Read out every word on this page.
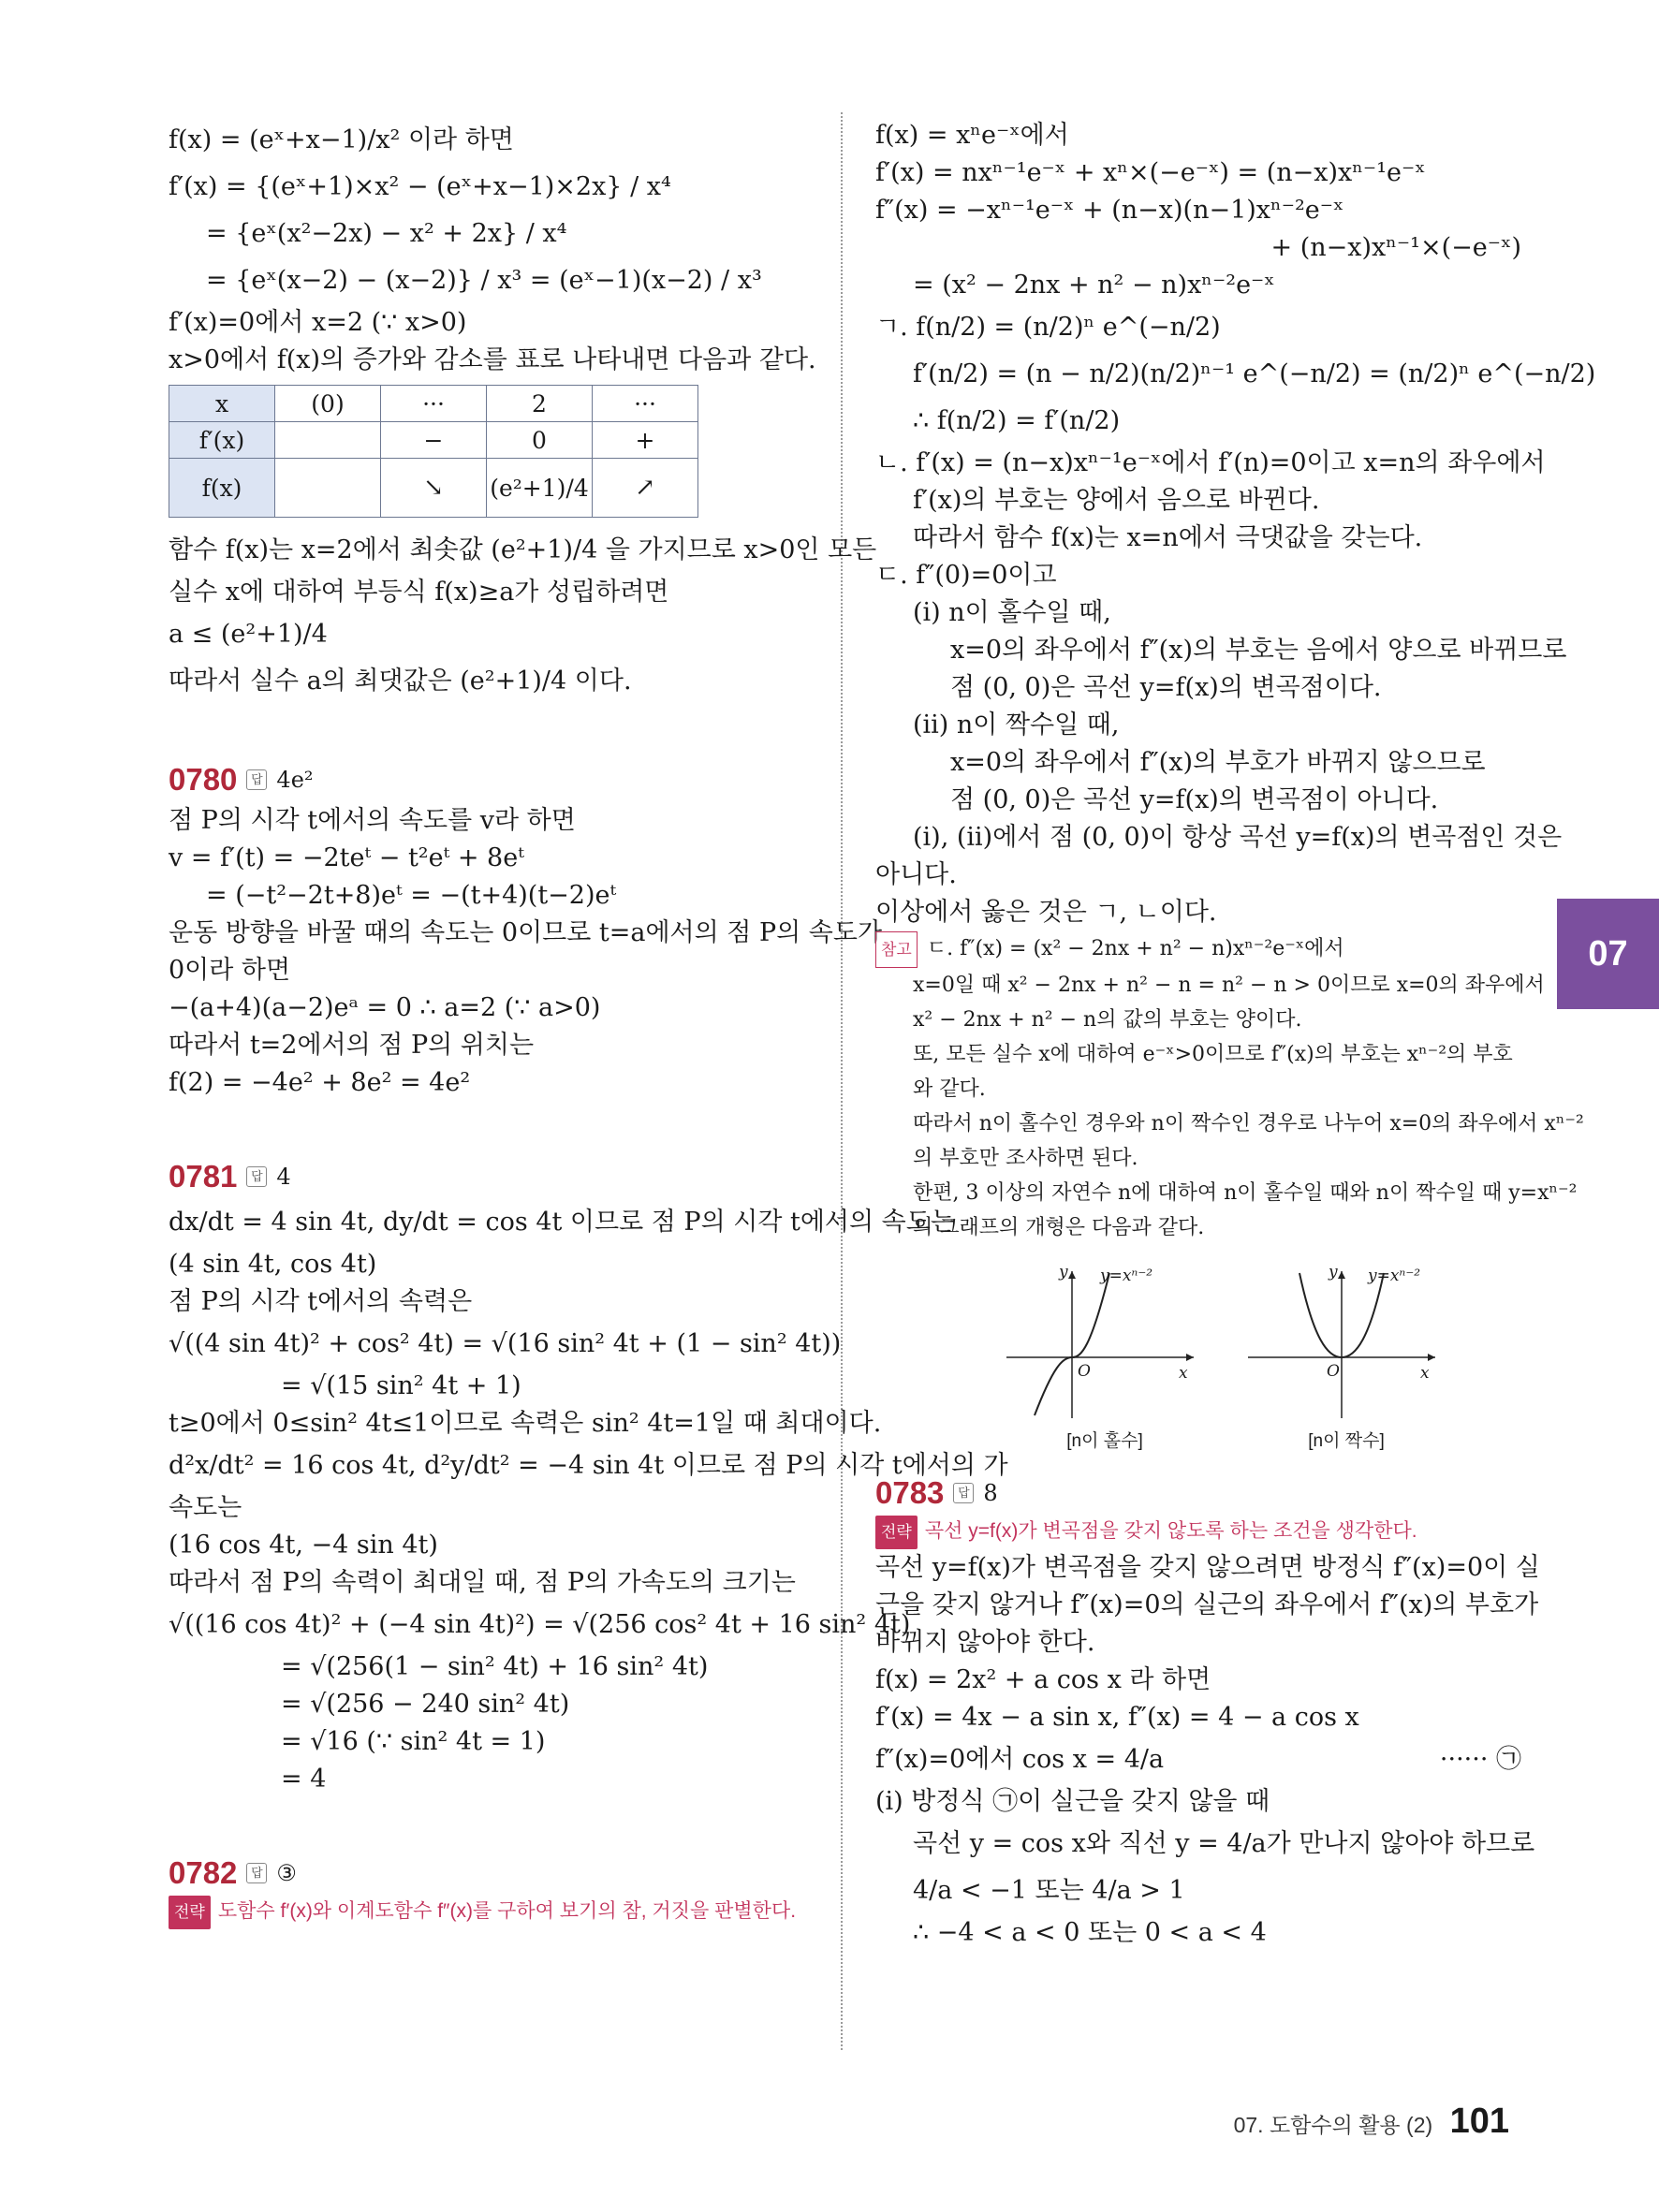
f(x) = (eˣ+x−1)/x² 이라 하면
f′(x) = {(eˣ+1)×x² − (eˣ+x−1)×2x} / x⁴
= {eˣ(x²−2x) − x² + 2x} / x⁴
= {eˣ(x−2) − (x−2)} / x³ = (eˣ−1)(x−2) / x³
f′(x)=0에서 x=2 (∵ x>0)
x>0에서 f(x)의 증가와 감소를 표로 나타내면 다음과 같다.
x	(0)	···	2	···
f′(x)		−	0	+
f(x)		↘	(e²+1)/4	↗
함수 f(x)는 x=2에서 최솟값 (e²+1)/4 을 가지므로 x>0인 모든
실수 x에 대하여 부등식 f(x)≥a가 성립하려면
a ≤ (e²+1)/4
따라서 실수 a의 최댓값은 (e²+1)/4 이다.
0780	답 4e²
점 P의 시각 t에서의 속도를 v라 하면
v = f′(t) = −2teᵗ − t²eᵗ + 8eᵗ
= (−t²−2t+8)eᵗ = −(t+4)(t−2)eᵗ
운동 방향을 바꿀 때의 속도는 0이므로 t=a에서의 점 P의 속도가
0이라 하면
−(a+4)(a−2)eᵃ = 0 ∴ a=2 (∵ a>0)
따라서 t=2에서의 점 P의 위치는
f(2) = −4e² + 8e² = 4e²
0781	답 4
dx/dt = 4 sin 4t, dy/dt = cos 4t 이므로 점 P의 시각 t에서의 속도는
(4 sin 4t, cos 4t)
점 P의 시각 t에서의 속력은
√((4 sin 4t)² + cos² 4t) = √(16 sin² 4t + (1 − sin² 4t))
= √(15 sin² 4t + 1)
t≥0에서 0≤sin² 4t≤1이므로 속력은 sin² 4t=1일 때 최대이다.
d²x/dt² = 16 cos 4t, d²y/dt² = −4 sin 4t 이므로 점 P의 시각 t에서의 가
속도는
(16 cos 4t, −4 sin 4t)
따라서 점 P의 속력이 최대일 때, 점 P의 가속도의 크기는
√((16 cos 4t)² + (−4 sin 4t)²) = √(256 cos² 4t + 16 sin² 4t)
= √(256(1 − sin² 4t) + 16 sin² 4t)
= √(256 − 240 sin² 4t)
= √16 (∵ sin² 4t = 1)
= 4
0782	답 ③
전략 도함수 f′(x)와 이계도함수 f″(x)를 구하여 보기의 참, 거짓을 판별한다.
f(x) = xⁿe⁻ˣ에서
f′(x) = nxⁿ⁻¹e⁻ˣ + xⁿ×(−e⁻ˣ) = (n−x)xⁿ⁻¹e⁻ˣ
f″(x) = −xⁿ⁻¹e⁻ˣ + (n−x)(n−1)xⁿ⁻²e⁻ˣ
+ (n−x)xⁿ⁻¹×(−e⁻ˣ)
= (x² − 2nx + n² − n)xⁿ⁻²e⁻ˣ
ㄱ. f(n/2) = (n/2)ⁿ e^(−n/2)
f′(n/2) = (n − n/2)(n/2)ⁿ⁻¹ e^(−n/2) = (n/2)ⁿ e^(−n/2)
∴ f(n/2) = f′(n/2)
ㄴ. f′(x) = (n−x)xⁿ⁻¹e⁻ˣ에서 f′(n)=0이고 x=n의 좌우에서
f′(x)의 부호는 양에서 음으로 바뀐다.
따라서 함수 f(x)는 x=n에서 극댓값을 갖는다.
ㄷ. f″(0)=0이고
(ⅰ) n이 홀수일 때,
x=0의 좌우에서 f″(x)의 부호는 음에서 양으로 바뀌므로
점 (0, 0)은 곡선 y=f(x)의 변곡점이다.
(ⅱ) n이 짝수일 때,
x=0의 좌우에서 f″(x)의 부호가 바뀌지 않으므로
점 (0, 0)은 곡선 y=f(x)의 변곡점이 아니다.
(ⅰ), (ⅱ)에서 점 (0, 0)이 항상 곡선 y=f(x)의 변곡점인 것은
아니다.
이상에서 옳은 것은 ㄱ, ㄴ이다.
참고 ㄷ. f″(x) = (x² − 2nx + n² − n)xⁿ⁻²e⁻ˣ에서
x=0일 때 x² − 2nx + n² − n = n² − n > 0이므로 x=0의 좌우에서
x² − 2nx + n² − n의 값의 부호는 양이다.
또, 모든 실수 x에 대하여 e⁻ˣ>0이므로 f″(x)의 부호는 xⁿ⁻²의 부호
와 같다.
따라서 n이 홀수인 경우와 n이 짝수인 경우로 나누어 x=0의 좌우에서 xⁿ⁻²
의 부호만 조사하면 된다.
한편, 3 이상의 자연수 n에 대하여 n이 홀수일 때와 n이 짝수일 때 y=xⁿ⁻²
의 그래프의 개형은 다음과 같다.
y
x
O
y=xⁿ⁻²
[n이 홀수]
y
x
O
y=xⁿ⁻²
[n이 짝수]
0783	답 8
전략 곡선 y=f(x)가 변곡점을 갖지 않도록 하는 조건을 생각한다.
곡선 y=f(x)가 변곡점을 갖지 않으려면 방정식 f″(x)=0이 실
근을 갖지 않거나 f″(x)=0의 실근의 좌우에서 f″(x)의 부호가
바뀌지 않아야 한다.
f(x) = 2x² + a cos x 라 하면
f′(x) = 4x − a sin x, f″(x) = 4 − a cos x
f″(x)=0에서 cos x = 4/a	······ ㉠
(ⅰ) 방정식 ㉠이 실근을 갖지 않을 때
곡선 y = cos x와 직선 y = 4/a가 만나지 않아야 하므로
4/a < −1 또는 4/a > 1
∴ −4 < a < 0 또는 0 < a < 4
07
07. 도함수의 활용 (2) 101
